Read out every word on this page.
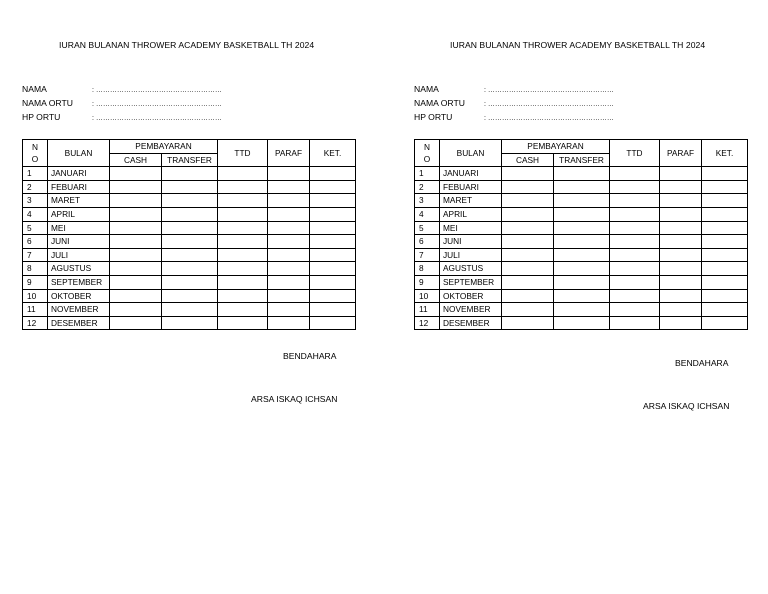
IURAN BULANAN THROWER ACADEMY BASKETBALL TH 2024
NAMA	: ………………………………………………
NAMA ORTU	: ………………………………………………
HP ORTU	: ………………………………………………
N
O	BULAN	PEMBAYARAN		TTD	PARAF	KET.
		CASH	TRANSFER			
1	JANUARI					
2	FEBUARI					
3	MARET					
4	APRIL					
5	MEI					
6	JUNI					
7	JULI					
8	AGUSTUS					
9	SEPTEMBER					
10	OKTOBER					
11	NOVEMBER					
12	DESEMBER					
BENDAHARA
ARSA ISKAQ ICHSAN
IURAN BULANAN THROWER ACADEMY BASKETBALL TH 2024
NAMA	: ………………………………………………
NAMA ORTU	: ………………………………………………
HP ORTU	: ………………………………………………
N
O	BULAN	PEMBAYARAN		TTD	PARAF	KET.
		CASH	TRANSFER			
1	JANUARI					
2	FEBUARI					
3	MARET					
4	APRIL					
5	MEI					
6	JUNI					
7	JULI					
8	AGUSTUS					
9	SEPTEMBER					
10	OKTOBER					
11	NOVEMBER					
12	DESEMBER					
BENDAHARA
ARSA ISKAQ ICHSAN
